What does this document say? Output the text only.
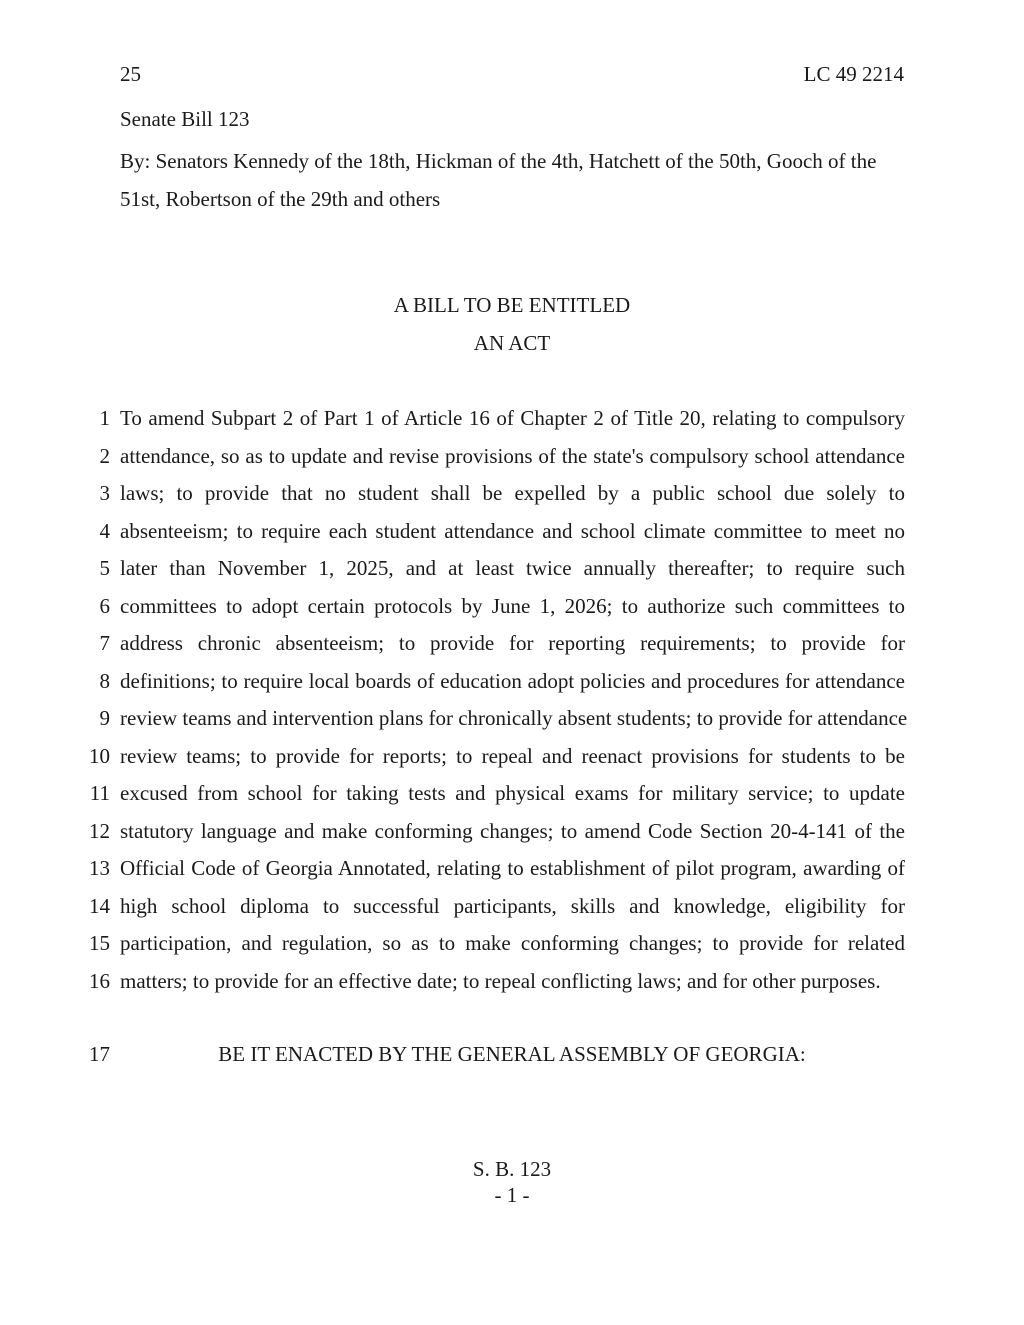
25	LC 49 2214
Senate Bill 123
By: Senators Kennedy of the 18th, Hickman of the 4th, Hatchett of the 50th, Gooch of the 51st, Robertson of the 29th and others
A BILL TO BE ENTITLED
AN ACT
1 To amend Subpart 2 of Part 1 of Article 16 of Chapter 2 of Title 20, relating to compulsory
2 attendance, so as to update and revise provisions of the state's compulsory school attendance
3 laws; to provide that no student shall be expelled by a public school due solely to
4 absenteeism; to require each student attendance and school climate committee to meet no
5 later than November 1, 2025, and at least twice annually thereafter; to require such
6 committees to adopt certain protocols by June 1, 2026; to authorize such committees to
7 address chronic absenteeism; to provide for reporting requirements; to provide for
8 definitions; to require local boards of education adopt policies and procedures for attendance
9 review teams and intervention plans for chronically absent students; to provide for attendance
10 review teams; to provide for reports; to repeal and reenact provisions for students to be
11 excused from school for taking tests and physical exams for military service; to update
12 statutory language and make conforming changes; to amend Code Section 20-4-141 of the
13 Official Code of Georgia Annotated, relating to establishment of pilot program, awarding of
14 high school diploma to successful participants, skills and knowledge, eligibility for
15 participation, and regulation, so as to make conforming changes; to provide for related
16 matters; to provide for an effective date; to repeal conflicting laws; and for other purposes.
17	BE IT ENACTED BY THE GENERAL ASSEMBLY OF GEORGIA:
S. B. 123
- 1 -
